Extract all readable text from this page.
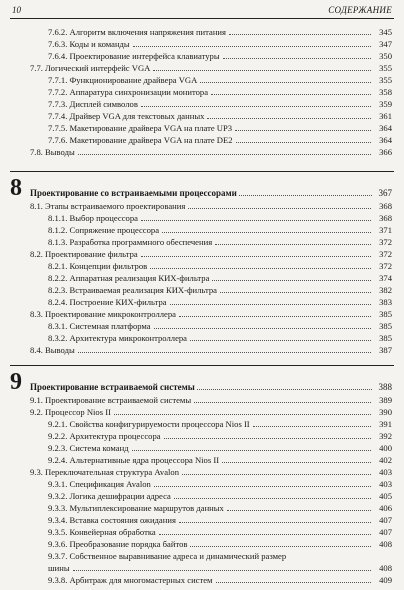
10	СОДЕРЖАНИЕ
7.6.2. Алгоритм включения напряжения питания	345
7.6.3. Коды и команды	347
7.6.4. Проектирование интерфейса клавиатуры	350
7.7. Логический интерфейс VGA	355
7.7.1. Функционирование драйвера VGA	355
7.7.2. Аппаратура синхронизации монитора	358
7.7.3. Дисплей символов	359
7.7.4. Драйвер VGA для текстовых данных	361
7.7.5. Макетирование драйвера VGA на плате UP3	364
7.7.6. Макетирование драйвера VGA на плате DE2	364
7.8. Выводы	366
8 Проектирование со встраиваемыми процессорами	367
8.1. Этапы встраиваемого проектирования	368
8.1.1. Выбор процессора	368
8.1.2. Сопряжение процессора	371
8.1.3. Разработка программного обеспечения	372
8.2. Проектирование фильтра	372
8.2.1. Концепции фильтров	372
8.2.2. Аппаратная реализация КИХ-фильтра	374
8.2.3. Встраиваемая реализация КИХ-фильтра	382
8.2.4. Построение КИХ-фильтра	383
8.3. Проектирование микроконтроллера	385
8.3.1. Системная платформа	385
8.3.2. Архитектура микроконтроллера	385
8.4. Выводы	387
9 Проектирование встраиваемой системы	388
9.1. Проектирование встраиваемой системы	389
9.2. Процессор Nios II	390
9.2.1. Свойства конфигурируемости процессора Nios II	391
9.2.2. Архитектура процессора	392
9.2.3. Система команд	400
9.2.4. Альтернативные ядра процессора Nios II	402
9.3. Переключательная структура Avalon	403
9.3.1. Спецификация Avalon	403
9.3.2. Логика дешифрации адреса	405
9.3.3. Мультиплексирование маршрутов данных	406
9.3.4. Вставка состояния ожидания	407
9.3.5. Конвейерная обработка	407
9.3.6. Преобразование порядка байтов	408
9.3.7. Собственное выравнивание адреса и динамический размер
шины	408
9.3.8. Арбитраж для многомастерных систем	409
